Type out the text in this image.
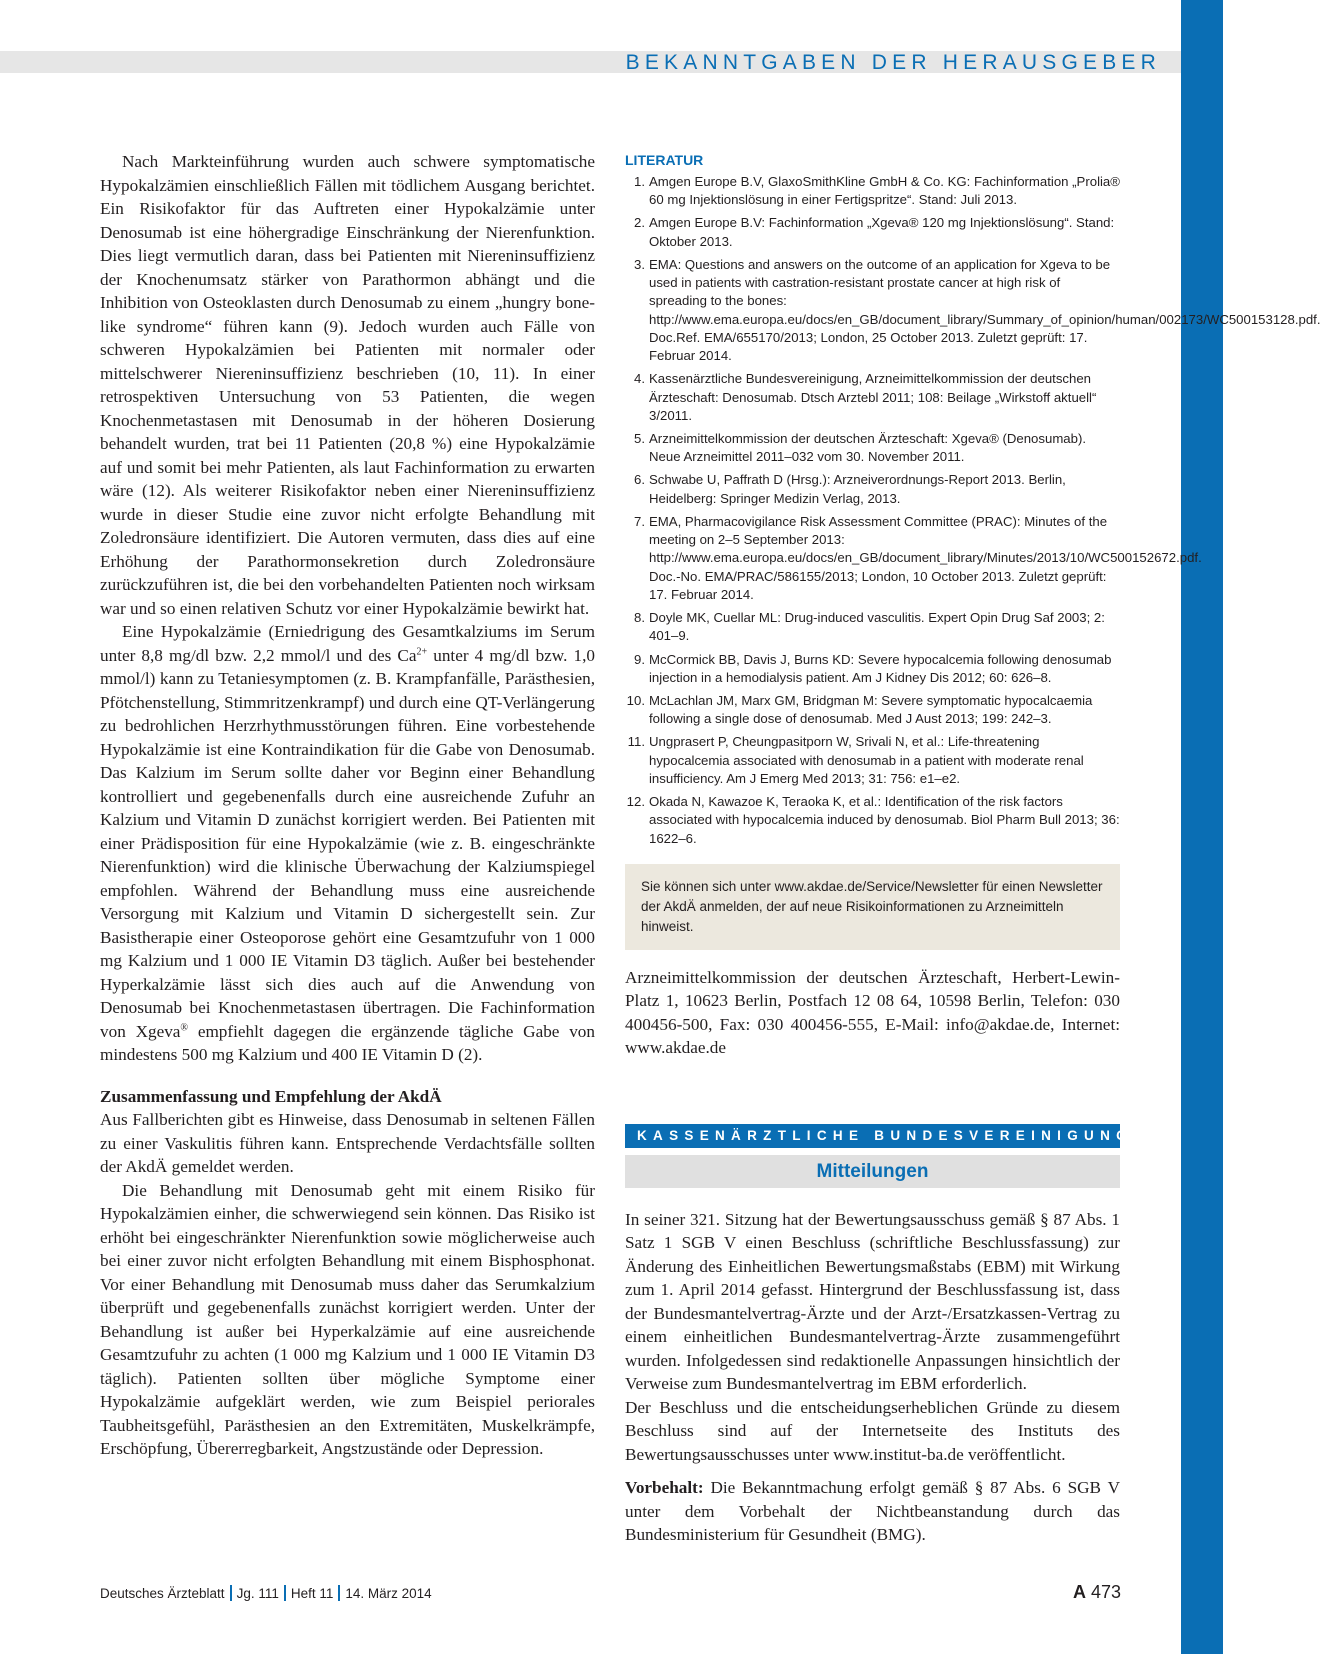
BEKANNTGABEN DER HERAUSGEBER

Nach Markteinführung wurden auch schwere symptomatische Hypokalzämien einschließlich Fällen mit tödlichem Ausgang berichtet. Ein Risikofaktor für das Auftreten einer Hypokalzämie unter Denosumab ist eine höhergradige Einschränkung der Nierenfunktion. Dies liegt vermutlich daran, dass bei Patienten mit Niereninsuffizienz der Knochenumsatz stärker von Parathormon abhängt und die Inhibition von Osteoklasten durch Denosumab zu einem „hungry bone-like syndrome“ führen kann (9). Jedoch wurden auch Fälle von schweren Hypokalzämien bei Patienten mit normaler oder mittelschwerer Niereninsuffizienz beschrieben (10, 11). In einer retrospektiven Untersuchung von 53 Patienten, die wegen Knochenmetastasen mit Denosumab in der höheren Dosierung behandelt wurden, trat bei 11 Patienten (20,8 %) eine Hypokalzämie auf und somit bei mehr Patienten, als laut Fachinformation zu erwarten wäre (12). Als weiterer Risikofaktor neben einer Niereninsuffizienz wurde in dieser Studie eine zuvor nicht erfolgte Behandlung mit Zoledronsäure identifiziert. Die Autoren vermuten, dass dies auf eine Erhöhung der Parathormonsekretion durch Zoledronsäure zurückzuführen ist, die bei den vorbehandelten Patienten noch wirksam war und so einen relativen Schutz vor einer Hypokalzämie bewirkt hat.

Eine Hypokalzämie (Erniedrigung des Gesamtkalziums im Serum unter 8,8 mg/dl bzw. 2,2 mmol/l und des $Ca^{2+}$ unter 4 mg/dl bzw. 1,0 mmol/l) kann zu Tetaniesymptomen (z. B. Krampfanfälle, Parästhesien, Pfötchenstellung, Stimmritzenkrampf) und durch eine QT-Verlängerung zu bedrohlichen Herzrhythmusstörungen führen. Eine vorbestehende Hypokalzämie ist eine Kontraindikation für die Gabe von Denosumab. Das Kalzium im Serum sollte daher vor Beginn einer Behandlung kontrolliert und gegebenenfalls durch eine ausreichende Zufuhr an Kalzium und Vitamin D zunächst korrigiert werden. Bei Patienten mit einer Prädisposition für eine Hypokalzämie (wie z. B. eingeschränkte Nierenfunktion) wird die klinische Überwachung der Kalziumspiegel empfohlen. Während der Behandlung muss eine ausreichende Versorgung mit Kalzium und Vitamin D sichergestellt sein. Zur Basistherapie einer Osteoporose gehört eine Gesamtzufuhr von 1 000 mg Kalzium und 1 000 IE Vitamin D3 täglich. Außer bei bestehender Hyperkalzämie lässt sich dies auch auf die Anwendung von Denosumab bei Knochenmetastasen übertragen. Die Fachinformation von Xgeva® empfiehlt dagegen die ergänzende tägliche Gabe von mindestens 500 mg Kalzium und 400 IE Vitamin D (2).

Zusammenfassung und Empfehlung der AkdÄ

Aus Fallberichten gibt es Hinweise, dass Denosumab in seltenen Fällen zu einer Vaskulitis führen kann. Entsprechende Verdachtsfälle sollten der AkdÄ gemeldet werden.

Die Behandlung mit Denosumab geht mit einem Risiko für Hypokalzämien einher, die schwerwiegend sein können. Das Risiko ist erhöht bei eingeschränkter Nierenfunktion sowie möglicherweise auch bei einer zuvor nicht erfolgten Behandlung mit einem Bisphosphonat. Vor einer Behandlung mit Denosumab muss daher das Serumkalzium überprüft und gegebenenfalls zunächst korrigiert werden. Unter der Behandlung ist außer bei Hyperkalzämie auf eine ausreichende Gesamtzufuhr zu achten (1 000 mg Kalzium und 1 000 IE Vitamin D3 täglich). Patienten sollten über mögliche Symptome einer Hypokalzämie aufgeklärt werden, wie zum Beispiel periorales Taubheitsgefühl, Parästhesien an den Extremitäten, Muskelkrämpfe, Erschöpfung, Übererregbarkeit, Angstzustände oder Depression.

LITERATUR
1. Amgen Europe B.V, GlaxoSmithKline GmbH & Co. KG: Fachinformation „Prolia® 60 mg Injektionslösung in einer Fertigspritze“. Stand: Juli 2013.
2. Amgen Europe B.V: Fachinformation „Xgeva® 120 mg Injektionslösung“. Stand: Oktober 2013.
3. EMA: Questions and answers on the outcome of an application for Xgeva to be used in patients with castration-resistant prostate cancer at high risk of spreading to the bones: http://www.ema.europa.eu/docs/en_GB/document_library/Summary_of_opinion/human/002173/WC500153128.pdf. Doc.Ref. EMA/655170/2013; London, 25 October 2013. Zuletzt geprüft: 17. Februar 2014.
4. Kassenärztliche Bundesvereinigung, Arzneimittelkommission der deutschen Ärzteschaft: Denosumab. Dtsch Arztebl 2011; 108: Beilage „Wirkstoff aktuell“ 3/2011.
5. Arzneimittelkommission der deutschen Ärzteschaft: Xgeva® (Denosumab). Neue Arzneimittel 2011–032 vom 30. November 2011.
6. Schwabe U, Paffrath D (Hrsg.): Arzneiverordnungs-Report 2013. Berlin, Heidelberg: Springer Medizin Verlag, 2013.
7. EMA, Pharmacovigilance Risk Assessment Committee (PRAC): Minutes of the meeting on 2–5 September 2013: http://www.ema.europa.eu/docs/en_GB/document_library/Minutes/2013/10/WC500152672.pdf. Doc.-No. EMA/PRAC/586155/2013; London, 10 October 2013. Zuletzt geprüft: 17. Februar 2014.
8. Doyle MK, Cuellar ML: Drug-induced vasculitis. Expert Opin Drug Saf 2003; 2: 401–9.
9. McCormick BB, Davis J, Burns KD: Severe hypocalcemia following denosumab injection in a hemodialysis patient. Am J Kidney Dis 2012; 60: 626–8.
10. McLachlan JM, Marx GM, Bridgman M: Severe symptomatic hypocalcaemia following a single dose of denosumab. Med J Aust 2013; 199: 242–3.
11. Ungprasert P, Cheungpasitporn W, Srivali N, et al.: Life-threatening hypocalcemia associated with denosumab in a patient with moderate renal insufficiency. Am J Emerg Med 2013; 31: 756: e1–e2.
12. Okada N, Kawazoe K, Teraoka K, et al.: Identification of the risk factors associated with hypocalcemia induced by denosumab. Biol Pharm Bull 2013; 36: 1622–6.
Sie können sich unter www.akdae.de/Service/Newsletter für einen Newsletter der AkdÄ anmelden, der auf neue Risikoinformationen zu Arzneimitteln hinweist.

Arzneimittelkommission der deutschen Ärzteschaft, Herbert-Lewin-Platz 1, 10623 Berlin, Postfach 12 08 64, 10598 Berlin, Telefon: 030 400456-500, Fax: 030 400456-555, E-Mail: info@akdae.de, Internet: www.akdae.de

KASSENÄRZTLICHE BUNDESVEREINIGUNG
Mitteilungen

In seiner 321. Sitzung hat der Bewertungsausschuss gemäß § 87 Abs. 1 Satz 1 SGB V einen Beschluss (schriftliche Beschlussfassung) zur Änderung des Einheitlichen Bewertungsmaßstabs (EBM) mit Wirkung zum 1. April 2014 gefasst. Hintergrund der Beschlussfassung ist, dass der Bundesmantelvertrag-Ärzte und der Arzt-/Ersatzkassen-Vertrag zu einem einheitlichen Bundesmantelvertrag-Ärzte zusammengeführt wurden. Infolgedessen sind redaktionelle Anpassungen hinsichtlich der Verweise zum Bundesmantelvertrag im EBM erforderlich.

Der Beschluss und die entscheidungserheblichen Gründe zu diesem Beschluss sind auf der Internetseite des Instituts des Bewertungsausschusses unter www.institut-ba.de veröffentlicht.

Vorbehalt: Die Bekanntmachung erfolgt gemäß § 87 Abs. 6 SGB V unter dem Vorbehalt der Nichtbeanstandung durch das Bundesministerium für Gesundheit (BMG).

Deutsches Ärzteblatt Jg. 111 Heft 11 14. März 2014	A 473
